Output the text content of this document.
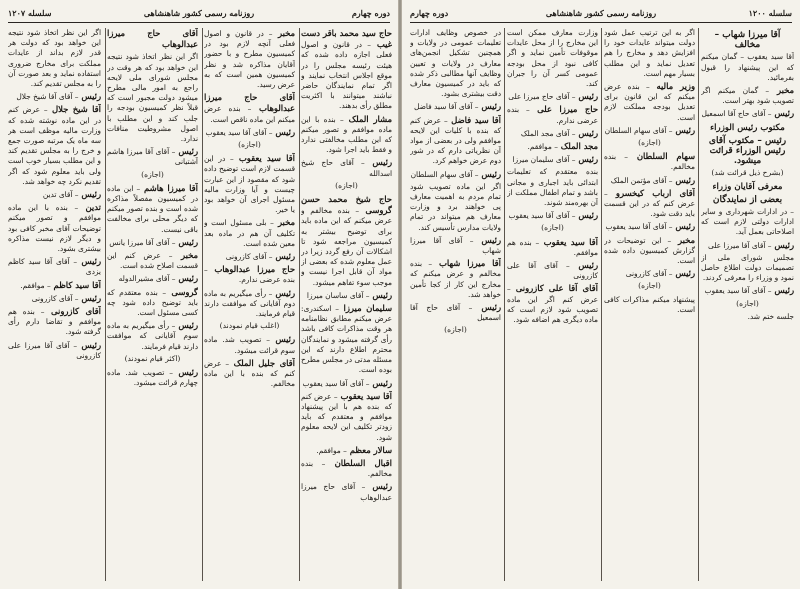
دوره چهارم
روزنامه رسمی کشور شاهنشاهی
سلسله ۱۲۰۷
حاج سید محمد باقر دست غیب – در قانون و اصول فعلی اجازه داده شده که هیئت رئیسه مجلس را در موقع اجلاس انتخاب نمایند و اگر تمام نمایندگان حاضر نباشند میتوانند با اکثریت مطلق رأی بدهند.
مشار الملک – بنده با این ماده موافقم و تصور میکنم که این مطلب مخالفتی ندارد و فقط باید اجرا شود.
رئیس – آقای حاج شیخ اسدالله
(اجازه)
حاج شیخ محمد حسن گروسی – بنده مخالفم و عرض میکنم که این ماده باید برای توضیح بیشتر به کمیسیون مراجعه شود تا اشکالات آن رفع گردد زیرا در عمل معلوم شده که بعضی از مواد آن قابل اجرا نیست و موجب سوء تفاهم میشود.
رئیس – آقای ساسان میرزا
سلیمان میرزا – اسکندری: عرض میکنم مطابق نظامنامه هر وقت مذاکرات کافی باشد رأی گرفته میشود و نمایندگان محترم اطلاع دارند که این مسئله مدتی در مجلس مطرح بوده است.
رئیس – آقای آقا سید یعقوب
آقا سید یعقوب – عرض کنم که بنده هم با این پیشنهاد موافقم و معتقدم که باید زودتر تکلیف این لایحه معلوم شود.
سالار معظم – موافقم.
اقبال السلطان – بنده مخالفم.
رئیس – آقای حاج میرزا عبدالوهاب
مخبر – در قانون و اصول فعلی آنچه لازم بود در کمیسیون مطرح و با حضور آقایان مذاکره شد و نظر کمیسیون همین است که به عرض رسید.
آقای حاج میرزا عبدالوهاب – بنده عرض میکنم این ماده ناقص است.
رئیس – آقای آقا سید یعقوب
(اجازه)
آقا سید یعقوب – در این قسمت لازم است توضیح داده شود که مقصود از این عبارت چیست و آیا وزارت مالیه مسئول اجرای آن خواهد بود یا خیر.
مخبر – بلی مسئول است و تکلیف آن هم در ماده بعد معین شده است.
رئیس – آقای کازرونی
حاج میرزا عبدالوهاب – بنده عرضی ندارم.
رئیس – رأی میگیریم به ماده دوم آقایانی که موافقت دارند قیام فرمایند.
(اغلب قیام نمودند)
رئیس – تصویب شد. ماده سوم قرائت میشود.
آقای جلیل الملک – عرض کنم که بنده با این ماده مخالفم.
آقای حاج میرزا عبدالوهاب
اگر این نظر اتخاذ شود نتیجه این خواهد بود که هر وقت در مجلس شورای ملی لایحه راجع به امور مالی مطرح میشود دولت مجبور است که قبلاً نظر کمیسیون بودجه را جلب کند و این مطلب با اصول مشروطیت منافات ندارد.
رئیس – آقای آقا میرزا هاشم آشتیانی
(اجازه)
آقا میرزا هاشم – این ماده در کمیسیون مفصلاً مذاکره شده است و بنده تصور میکنم که دیگر محلی برای مخالفت باقی نیست.
رئیس – آقای آقا میرزا یانس
مخبر – عرض کنم این قسمت اصلاح شده است.
رئیس – آقای مشیرالدوله
گروسی – بنده معتقدم که باید توضیح داده شود چه کسی مسئول است.
رئیس – رأی میگیریم به ماده سوم آقایانی که موافقت دارند قیام فرمایند.
(اکثر قیام نمودند)
رئیس – تصویب شد. ماده چهارم قرائت میشود.
اگر این نظر اتخاذ شود نتیجه این خواهد بود که دولت هر قدر لازم بداند از عایدات مملکت برای مخارج ضروری استفاده نماید و بعد صورت آن را به مجلس تقدیم کند.
رئیس – آقای آقا شیخ جلال
آقا شیخ جلال – عرض کنم در این ماده نوشته شده که وزارت مالیه موظف است هر سه ماه یک مرتبه صورت جمع و خرج را به مجلس تقدیم کند و این مطلب بسیار خوب است ولی باید معلوم شود که اگر تقدیم نکرد چه خواهد شد.
رئیس – آقای تدین
تدین – بنده با این ماده موافقم و تصور میکنم توضیحات آقای مخبر کافی بود و دیگر لازم نیست مذاکره بیشتری بشود.
رئیس – آقای آقا سید کاظم یزدی
آقا سید کاظم – موافقم.
رئیس – آقای کازرونی
آقای کازرونی – بنده هم موافقم و تقاضا دارم رأی گرفته شود.
رئیس – آقای آقا میرزا علی کازرونی
سلسله ۱۲۰۰
روزنامه رسمی کشور شاهنشاهی
دوره چهارم
در خصوص وظایف ادارات تعلیمات عمومی در ولایات و همچنین تشکیل انجمن‌های معارف در ولایات و تعیین وظایف آنها مطالبی ذکر شده که باید در کمیسیون معارف دقت بیشتری بشود.
رئیس – آقای آقا سید فاضل
آقا سید فاضل – عرض کنم که بنده با کلیات این لایحه موافقم ولی در بعضی از مواد آن نظریاتی دارم که در شور دوم عرض خواهم کرد.
رئیس – آقای سهام السلطان
اگر این ماده تصویب شود تمام مردم به اهمیت معارف پی خواهند برد و وزارت معارف هم میتواند در تمام ولایات مدارس تأسیس کند.
رئیس – آقای آقا میرزا شهاب
آقا میرزا شهاب – بنده مخالفم و عرض میکنم که مخارج این کار از کجا تأمین خواهد شد.
رئیس – آقای حاج آقا اسمعیل
(اجازه)
وزارت معارف ممکن است این مخارج را از محل عایدات موقوفات تأمین نماید و اگر کافی نبود از محل بودجه عمومی کسر آن را جبران کند.
رئیس – آقای حاج میرزا علی
حاج میرزا علی – بنده عرضی ندارم.
رئیس – آقای مجد الملک
مجد الملک – موافقم.
رئیس – آقای سلیمان میرزا
بنده معتقدم که تعلیمات ابتدائی باید اجباری و مجانی باشد و تمام اطفال مملکت از آن بهره‌مند شوند.
رئیس – آقای آقا سید یعقوب
(اجازه)
آقا سید یعقوب – بنده هم موافقم.
رئیس – آقای آقا علی کازرونی
آقای آقا علی کازرونی – عرض کنم اگر این ماده تصویب شود لازم است که ماده دیگری هم اضافه شود.
اگر به این ترتیب عمل شود دولت میتواند عایدات خود را افزایش دهد و مخارج را هم تعدیل نماید و این مطلب بسیار مهم است.
وزیر مالیه – بنده عرض میکنم که این قانون برای تعدیل بودجه مملکت لازم است.
رئیس – آقای سهام السلطان
(اجازه)
سهام السلطان – بنده مخالفم.
رئیس – آقای مؤتمن الملک
آقای ارباب کیخسرو – عرض کنم که در این قسمت باید دقت شود.
رئیس – آقای آقا سید یعقوب
مخبر – این توضیحات در گزارش کمیسیون داده شده است.
رئیس – آقای کازرونی
(اجازه)
پیشنهاد میکنم مذاکرات کافی است.
آقا میرزا شهاب – مخالف
آقا سید یعقوب – گمان میکنم که این پیشنهاد را قبول بفرمائید.
مخبر – گمان میکنم اگر تصویب شود بهتر است.
رئیس – آقای حاج آقا اسمعیل
مکتوب رئیس الوزراء
رئیس – مکتوب آقای رئیس الوزراء قرائت میشود.
(بشرح ذیل قرائت شد)
معرفی آقایان وزراء
بعضی از نمایندگان
– در ادارات شهرداری و سایر ادارات دولتی لازم است که اصلاحاتی بعمل آید.
رئیس – آقای آقا میرزا علی
مجلس شورای ملی از تصمیمات دولت اطلاع حاصل نمود و وزراء را معرفی کردند.
رئیس – آقای آقا سید یعقوب
(اجازه)
جلسه ختم شد.
